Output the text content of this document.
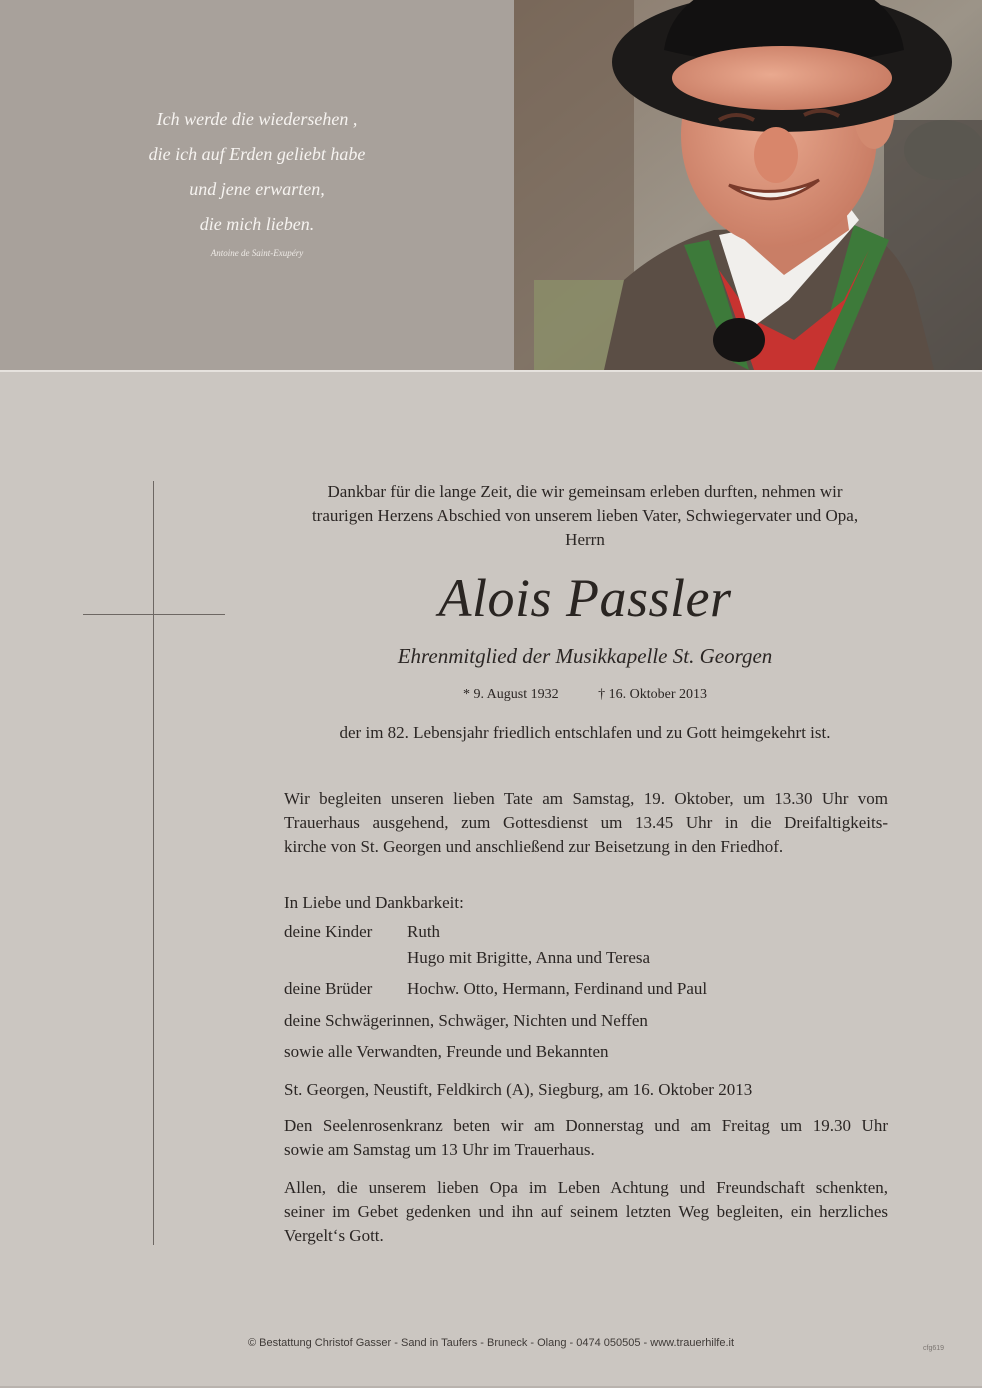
Ich werde die wiedersehen ,
die ich auf Erden geliebt habe
und jene erwarten,
die mich lieben.
Antoine de Saint-Exupéry
Dankbar für die lange Zeit, die wir gemeinsam erleben durften, nehmen wir
traurigen Herzens Abschied von unserem lieben Vater, Schwiegervater und Opa,
Herrn
Alois Passler
Ehrenmitglied der Musikkapelle St. Georgen
* 9. August 1932	† 16. Oktober 2013
der im 82. Lebensjahr friedlich entschlafen und zu Gott heimgekehrt ist.
Wir begleiten unseren lieben Tate am Samstag, 19. Oktober, um 13.30 Uhr vom
Trauerhaus ausgehend, zum Gottesdienst um 13.45 Uhr in die Dreifaltigkeits-
kirche von St. Georgen und anschließend zur Beisetzung in den Friedhof.
In Liebe und Dankbarkeit:
deine Kinder Ruth
Hugo mit Brigitte, Anna und Teresa
deine Brüder Hochw. Otto, Hermann, Ferdinand und Paul
deine Schwägerinnen, Schwäger, Nichten und Neffen
sowie alle Verwandten, Freunde und Bekannten
St. Georgen, Neustift, Feldkirch (A), Siegburg, am 16. Oktober 2013
Den Seelenrosenkranz beten wir am Donnerstag und am Freitag um 19.30 Uhr
sowie am Samstag um 13 Uhr im Trauerhaus.
Allen, die unserem lieben Opa im Leben Achtung und Freundschaft schenkten,
seiner im Gebet gedenken und ihn auf seinem letzten Weg begleiten, ein herzliches
Vergelt‘s Gott.
© Bestattung Christof Gasser - Sand in Taufers - Bruneck - Olang - 0474 050505 - www.trauerhilfe.it	cfg619
